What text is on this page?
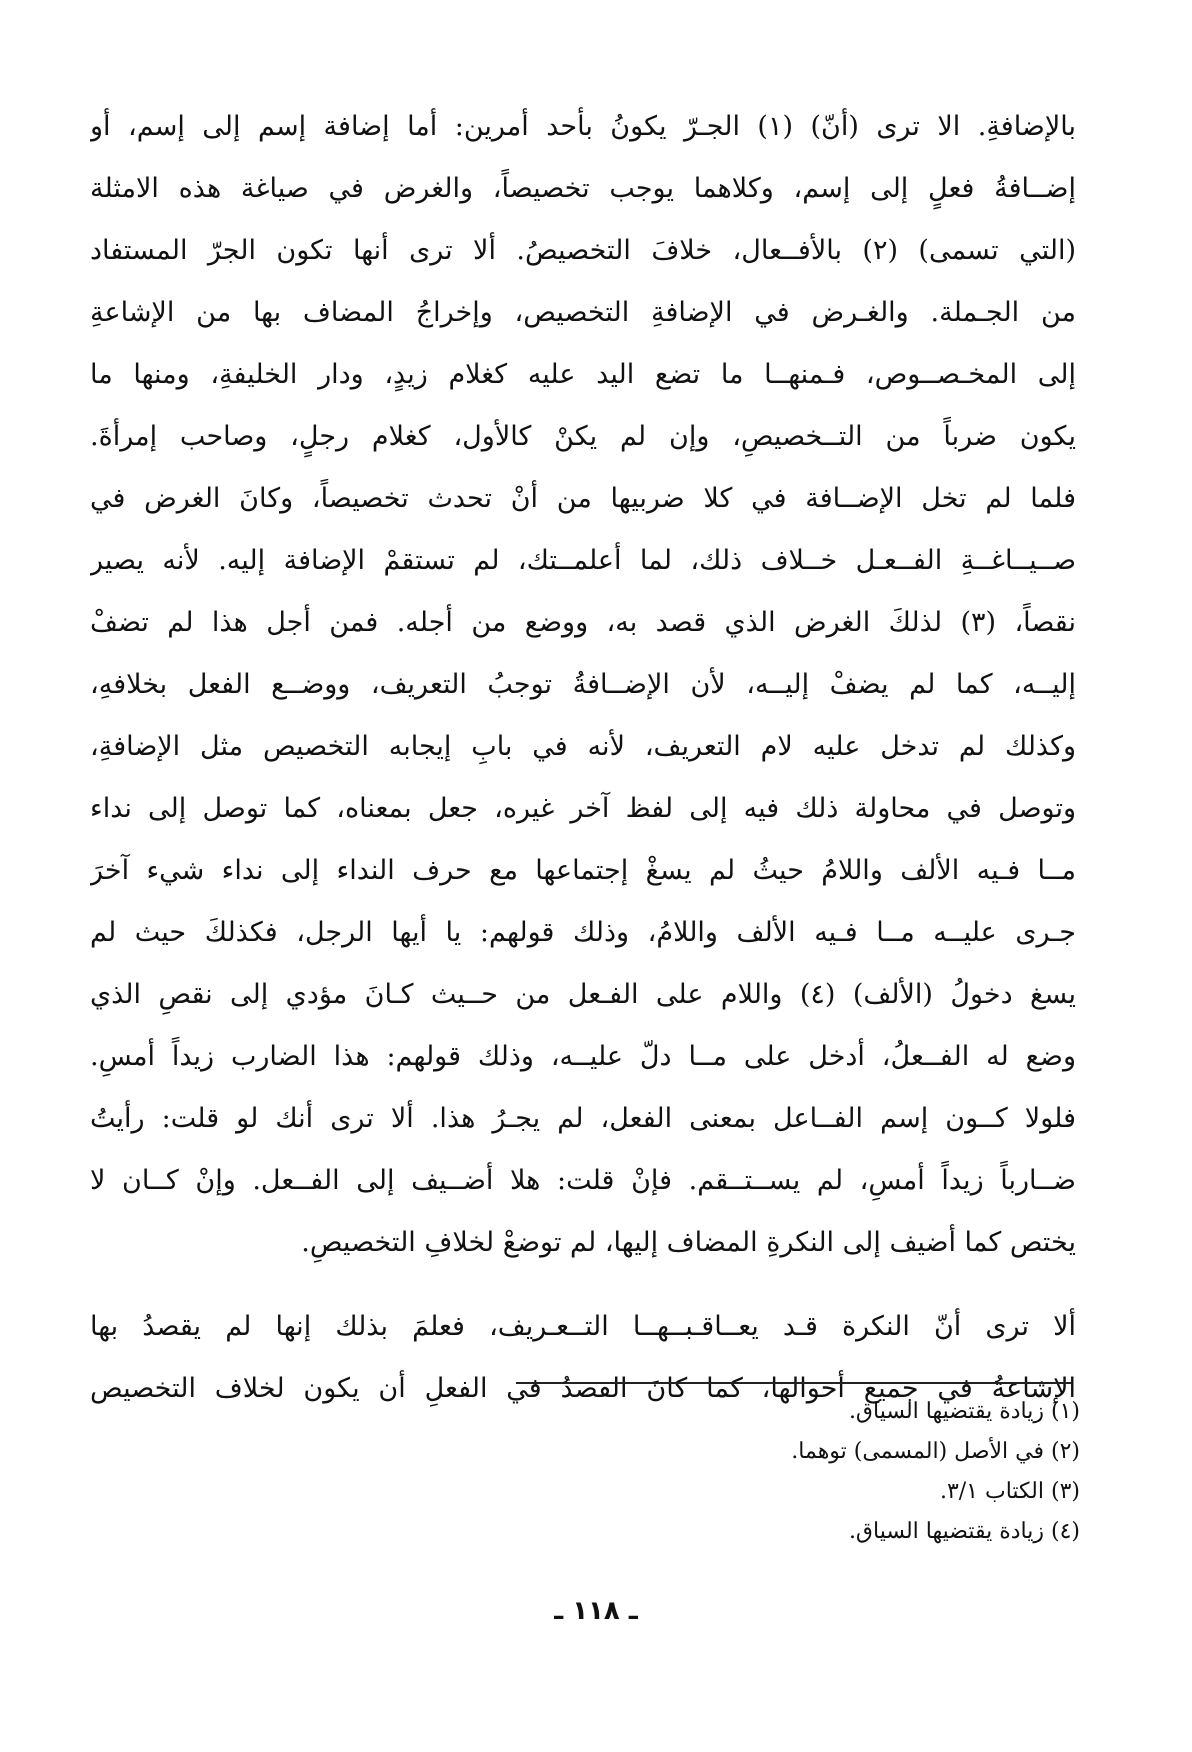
بالإضافةِ. الا ترى (أنّ) (١) الجـرّ يكونُ بأحد أمرين: أما إضافة إسم إلى إسم، أو
إضــافةُ فعلٍ إلى إسم، وكلاهما يوجب تخصيصاً، والغرض في صياغة هذه الامثلة
(التي تسمى) (٢) بالأفــعال، خلافَ التخصيصُ. ألا ترى أنها تكون الجرّ المستفاد
من الجـملة. والغـرض في الإضافةِ التخصيص، وإخراجُ المضاف بها من الإشاعةِ
إلى المخـصــوص، فـمنهــا ما تضع اليد عليه كغلام زيدٍ، ودار الخليفةِ، ومنها ما
يكون ضرباً من التــخصيصِ، وإن لم يكنْ كالأول، كغلام رجلٍ، وصاحب إمرأةَ.
فلما لم تخل الإضــافة في كلا ضربيها من أنْ تحدث تخصيصاً، وكانَ الغرض في
صــيــاغــةِ الفــعـل خــلاف ذلك، لما أعلمــتك، لم تستقمْ الإضافة إليه. لأنه يصير
نقصاً، (٣) لذلكَ الغرض الذي قصد به، ووضع من أجله. فمن أجل هذا لم تضفْ
إليــه، كما لم يضفْ إليــه، لأن الإضــافةُ توجبُ التعريف، ووضــع الفعل بخلافهِ،
وكذلك لم تدخل عليه لام التعريف، لأنه في بابِ إيجابه التخصيص مثل الإضافةِ،
وتوصل في محاولة ذلك فيه إلى لفظ آخر غيره، جعل بمعناه، كما توصل إلى نداء
مــا فـيه الألف واللامُ حيثُ لم يسغْ إجتماعها مع حرف النداء إلى نداء شيء آخرَ
جـرى عليــه مــا فـيه الألف واللامُ، وذلك قولهم: يا أيها الرجل، فكذلكَ حيث لم
يسغ دخولُ (الألف) (٤) واللام على الفـعل من حــيث كـانَ مؤدي إلى نقصِ الذي
وضع له الفــعلُ، أدخل على مــا دلّ عليــه، وذلك قولهم: هذا الضارب زيداً أمسِ.
فلولا كــون إسم الفــاعل بمعنى الفعل، لم يجـرُ هذا. ألا ترى أنك لو قلت: رأيتُ
ضــارباً زيداً أمسِ، لم يســتــقم. فإنْ قلت: هلا أضــيف إلى الفــعل. وإنْ كــان لا
يختص كما أضيف إلى النكرةِ المضاف إليها، لم توضعْ لخلافِ التخصيصِ.
ألا ترى أنّ النكرة قـد يعــاقـبــهــا التــعـريف، فعلمَ بذلك إنها لم يقصدُ بها
الإشاعةُ في جميع أحوالها، كما كانَ القصدُ في الفعلِ أن يكون لخلاف التخصيص
(١) زيادة يقتضيها السياق.
(٢) في الأصل (المسمى) توهما.
(٣) الكتاب ٣/١.
(٤) زيادة يقتضيها السياق.
ـ ١١٨ ـ
